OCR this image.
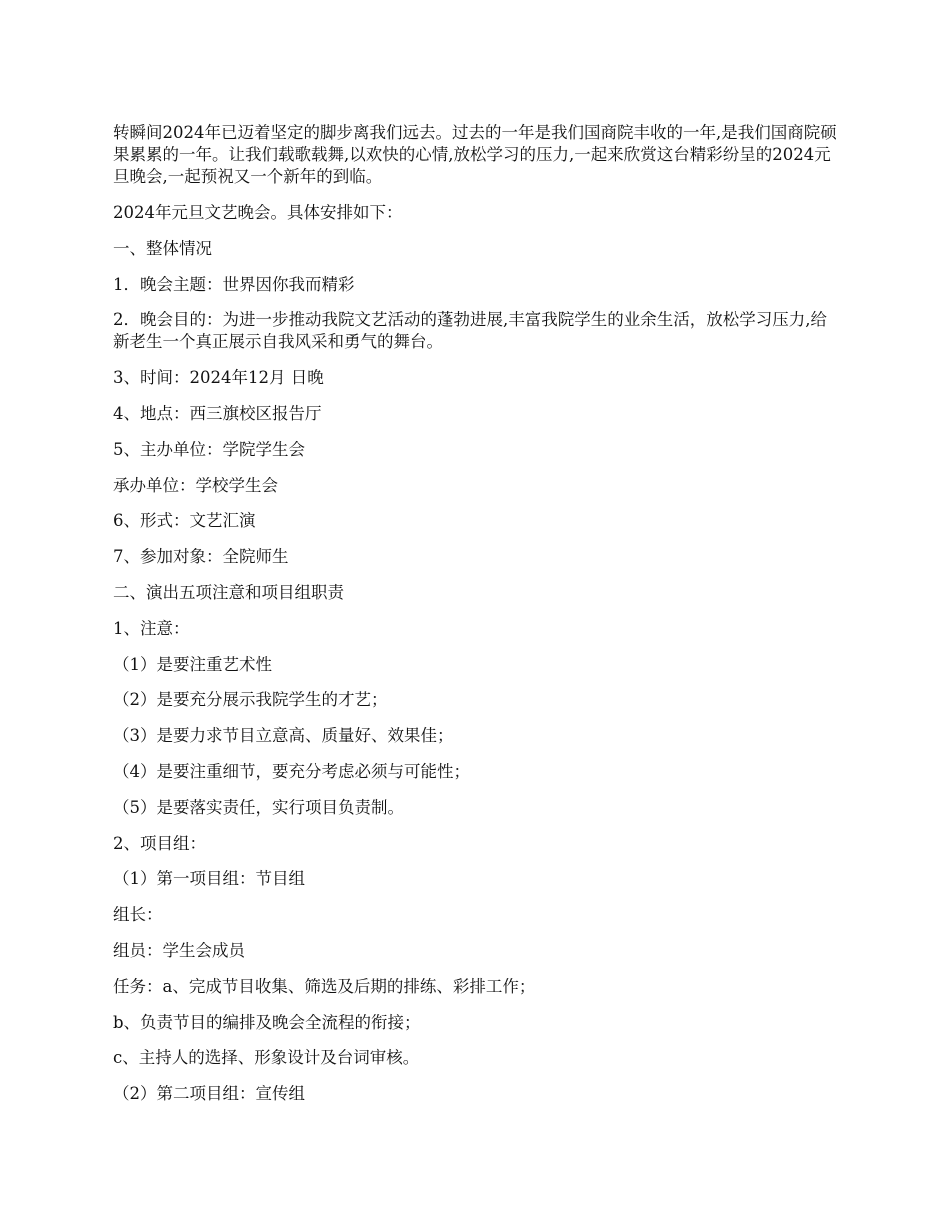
转瞬间2024年已迈着坚定的脚步离我们远去。过去的一年是我们国商院丰收的一年,是我们国商院硕果累累的一年。让我们载歌载舞,以欢快的心情,放松学习的压力,一起来欣赏这台精彩纷呈的2024元旦晚会,一起预祝又一个新年的到临。

2024年元旦文艺晚会。具体安排如下：

一、整体情况

1．晚会主题：世界因你我而精彩

2．晚会目的：为进一步推动我院文艺活动的蓬勃进展,丰富我院学生的业余生活，放松学习压力,给新老生一个真正展示自我风采和勇气的舞台。

3、时间：2024年12月 日晚

4、地点：西三旗校区报告厅

5、主办单位：学院学生会

承办单位：学校学生会

6、形式：文艺汇演

7、参加对象：全院师生

二、演出五项注意和项目组职责

1、注意：

（1）是要注重艺术性

（2）是要充分展示我院学生的才艺；

（3）是要力求节目立意高、质量好、效果佳；

（4）是要注重细节，要充分考虑必须与可能性；

（5）是要落实责任，实行项目负责制。

2、项目组：

（1）第一项目组：节目组

组长：

组员：学生会成员

任务：a、完成节目收集、筛选及后期的排练、彩排工作；

b、负责节目的编排及晚会全流程的衔接；

c、主持人的选择、形象设计及台词审核。

（2）第二项目组：宣传组
